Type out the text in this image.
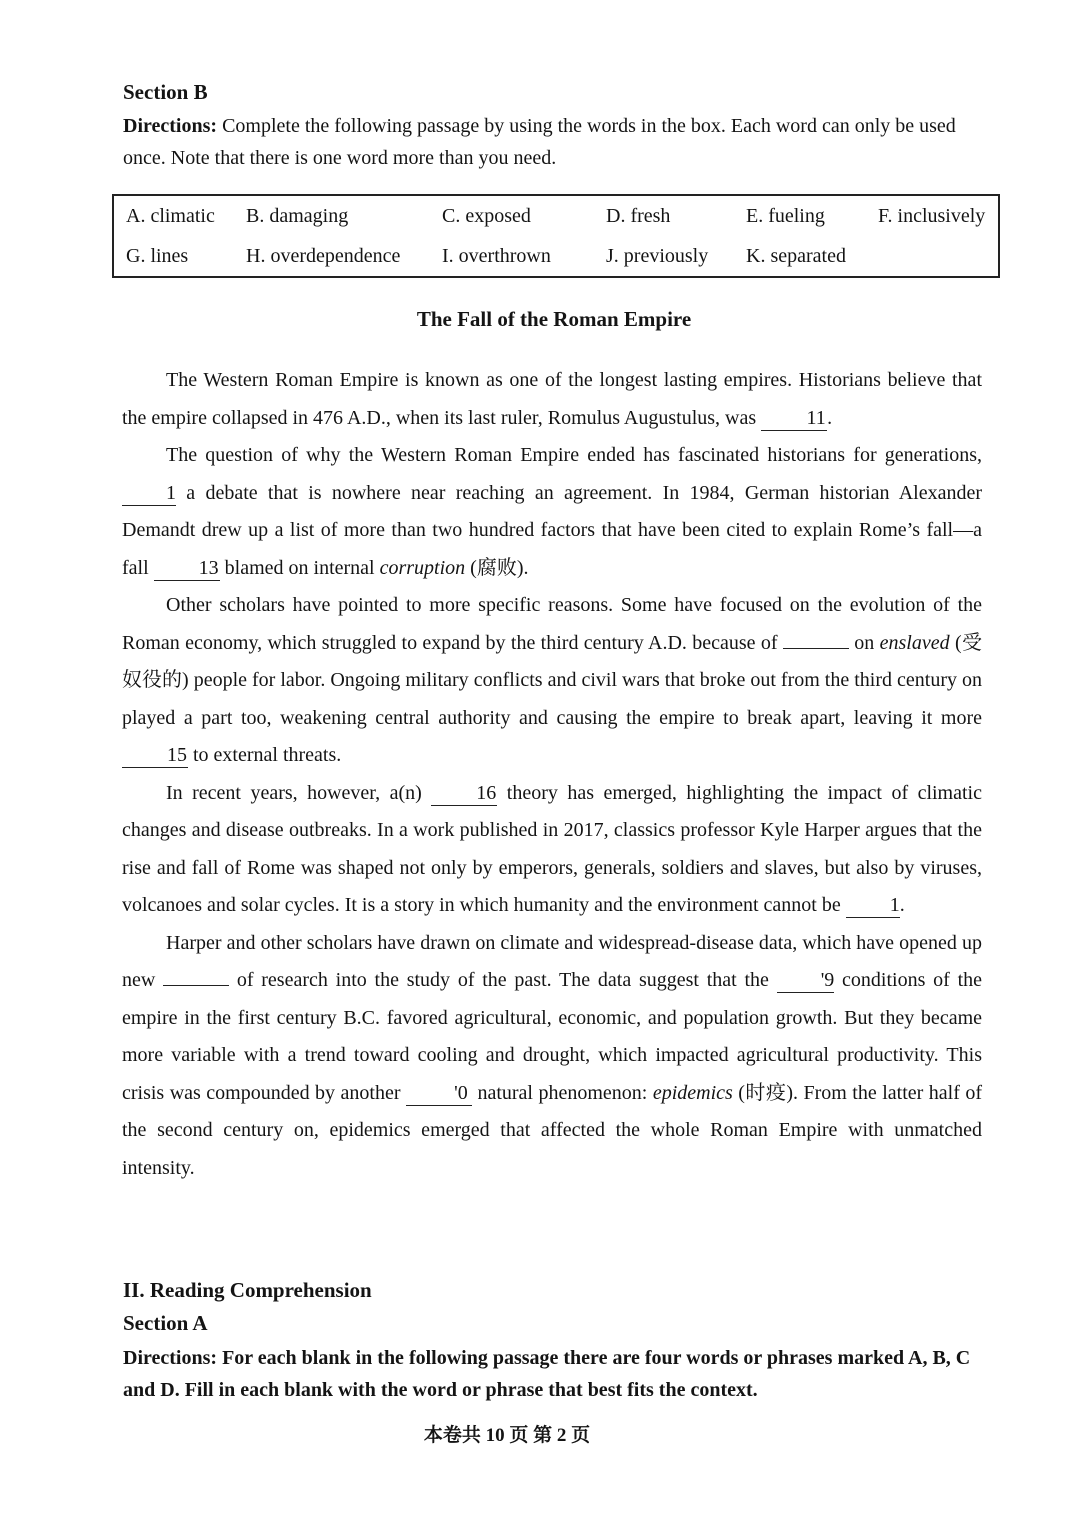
Section B
Directions: Complete the following passage by using the words in the box. Each word can only be used once. Note that there is one word more than you need.
A. climatic	B. damaging	C. exposed	D. fresh	E. fueling	F. inclusively
G. lines	H. overdependence	I. overthrown	J. previously	K. separated	
The Fall of the Roman Empire

The Western Roman Empire is known as one of the longest lasting empires. Historians believe that the empire collapsed in 476 A.D., when its last ruler, Romulus Augustulus, was 11.

The question of why the Western Roman Empire ended has fascinated historians for generations, 1 a debate that is nowhere near reaching an agreement. In 1984, German historian Alexander Demandt drew up a list of more than two hundred factors that have been cited to explain Rome’s fall—a fall 13 blamed on internal corruption (腐败).

Other scholars have pointed to more specific reasons. Some have focused on the evolution of the Roman economy, which struggled to expand by the third century A.D. because of	on enslaved (受奴役的) people for labor. Ongoing military conflicts and civil wars that broke out from the third century on played a part too, weakening central authority and causing the empire to break apart, leaving it more 15 to external threats.

In recent years, however, a(n) 16 theory has emerged, highlighting the impact of climatic changes and disease outbreaks. In a work published in 2017, classics professor Kyle Harper argues that the rise and fall of Rome was shaped not only by emperors, generals, soldiers and slaves, but also by viruses, volcanoes and solar cycles. It is a story in which humanity and the environment cannot be 1.

Harper and other scholars have drawn on climate and widespread-disease data, which have opened up new	of research into the study of the past. The data suggest that the '9 conditions of the empire in the first century B.C. favored agricultural, economic, and population growth. But they became more variable with a trend toward cooling and drought, which impacted agricultural productivity. This crisis was compounded by another '0 natural phenomenon: epidemics (时疫). From the latter half of the second century on, epidemics emerged that affected the whole Roman Empire with unmatched intensity.

II. Reading Comprehension
Section A
Directions: For each blank in the following passage there are four words or phrases marked A, B, C and D. Fill in each blank with the word or phrase that best fits the context.
本卷共 10 页 第 2 页
